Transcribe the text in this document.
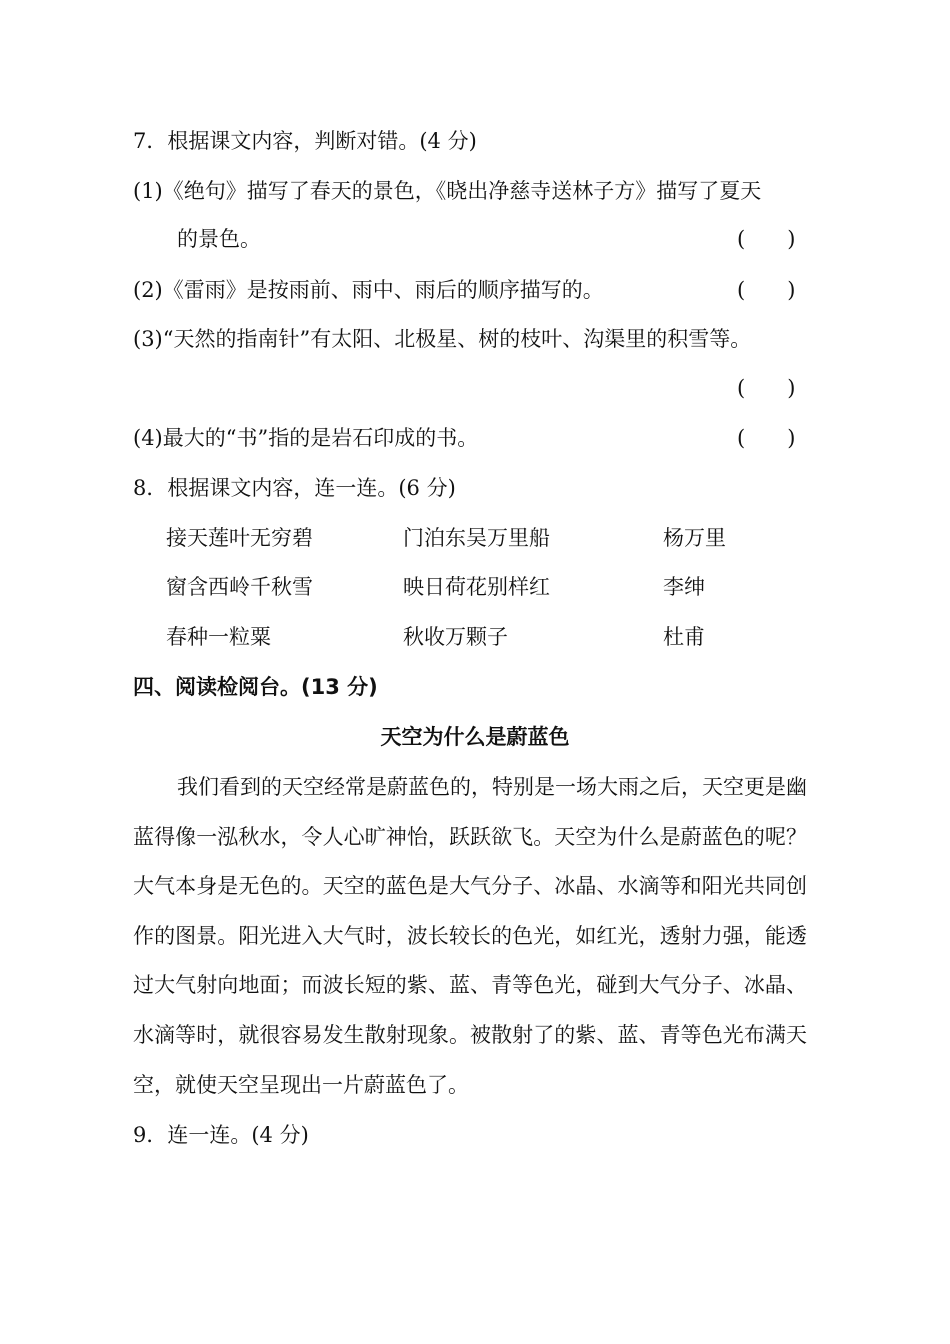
7．根据课文内容，判断对错。(4 分)
(1)《绝句》描写了春天的景色，《晓出净慈寺送林子方》描写了夏天
的景色。	(　　)
(2)《雷雨》是按雨前、雨中、雨后的顺序描写的。	(　　)
(3)“天然的指南针”有太阳、北极星、树的枝叶、沟渠里的积雪等。
(　　)
(4)最大的“书”指的是岩石印成的书。	(　　)
8．根据课文内容，连一连。(6 分)
接天莲叶无穷碧	门泊东吴万里船	杨万里
窗含西岭千秋雪	映日荷花别样红	李绅
春种一粒粟	秋收万颗子	杜甫
四、阅读检阅台。(13 分)
天空为什么是蔚蓝色
我们看到的天空经常是蔚蓝色的，特别是一场大雨之后，天空更是幽蓝得像一泓秋水，令人心旷神怡，跃跃欲飞。天空为什么是蔚蓝色的呢？大气本身是无色的。天空的蓝色是大气分子、冰晶、水滴等和阳光共同创作的图景。阳光进入大气时，波长较长的色光，如红光，透射力强，能透过大气射向地面；而波长短的紫、蓝、青等色光，碰到大气分子、冰晶、水滴等时，就很容易发生散射现象。被散射了的紫、蓝、青等色光布满天空，就使天空呈现出一片蔚蓝色了。
9．连一连。(4 分)
